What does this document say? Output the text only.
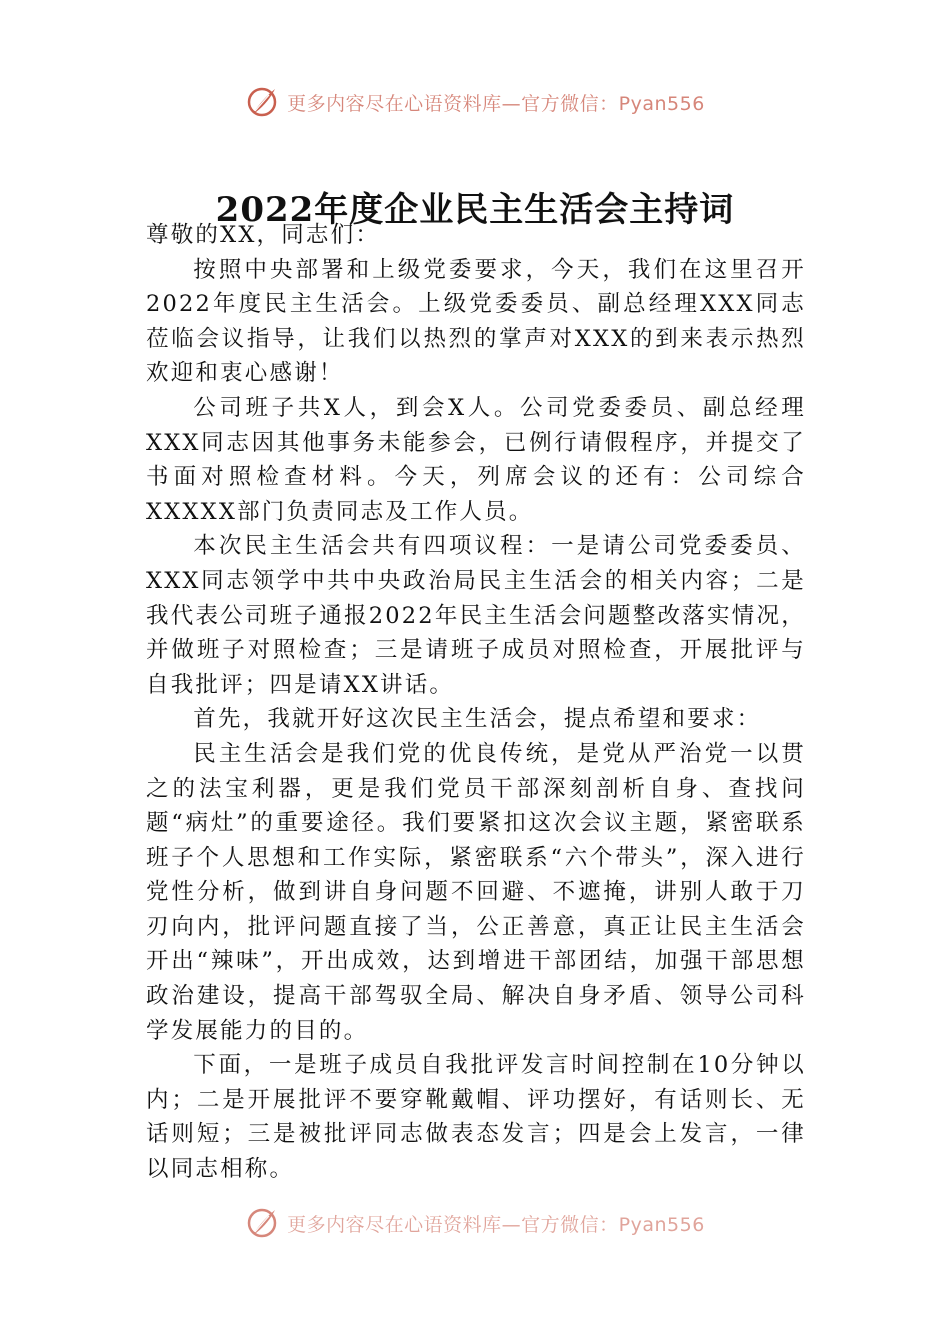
更多内容尽在心语资料库—官方微信：Pyan556
2022年度企业民主生活会主持词

尊敬的XX，同志们：

按照中央部署和上级党委要求，今天，我们在这里召开2022年度民主生活会。上级党委委员、副总经理XXX同志莅临会议指导，让我们以热烈的掌声对XXX的到来表示热烈欢迎和衷心感谢！

公司班子共X人，到会X人。公司党委委员、副总经理XXX同志因其他事务未能参会，已例行请假程序，并提交了书面对照检查材料。今天，列席会议的还有：公司综合XXXXX部门负责同志及工作人员。

本次民主生活会共有四项议程：一是请公司党委委员、XXX同志领学中共中央政治局民主生活会的相关内容；二是我代表公司班子通报2022年民主生活会问题整改落实情况，并做班子对照检查；三是请班子成员对照检查，开展批评与自我批评；四是请XX讲话。

首先，我就开好这次民主生活会，提点希望和要求：

民主生活会是我们党的优良传统，是党从严治党一以贯之的法宝利器，更是我们党员干部深刻剖析自身、查找问题“病灶”的重要途径。我们要紧扣这次会议主题，紧密联系班子个人思想和工作实际，紧密联系“六个带头”，深入进行党性分析，做到讲自身问题不回避、不遮掩，讲别人敢于刀刃向内，批评问题直接了当，公正善意，真正让民主生活会开出“辣味”，开出成效，达到增进干部团结，加强干部思想政治建设，提高干部驾驭全局、解决自身矛盾、领导公司科学发展能力的目的。

下面，一是班子成员自我批评发言时间控制在10分钟以内；二是开展批评不要穿靴戴帽、评功摆好，有话则长、无话则短；三是被批评同志做表态发言；四是会上发言，一律以同志相称。

更多内容尽在心语资料库—官方微信：Pyan556
